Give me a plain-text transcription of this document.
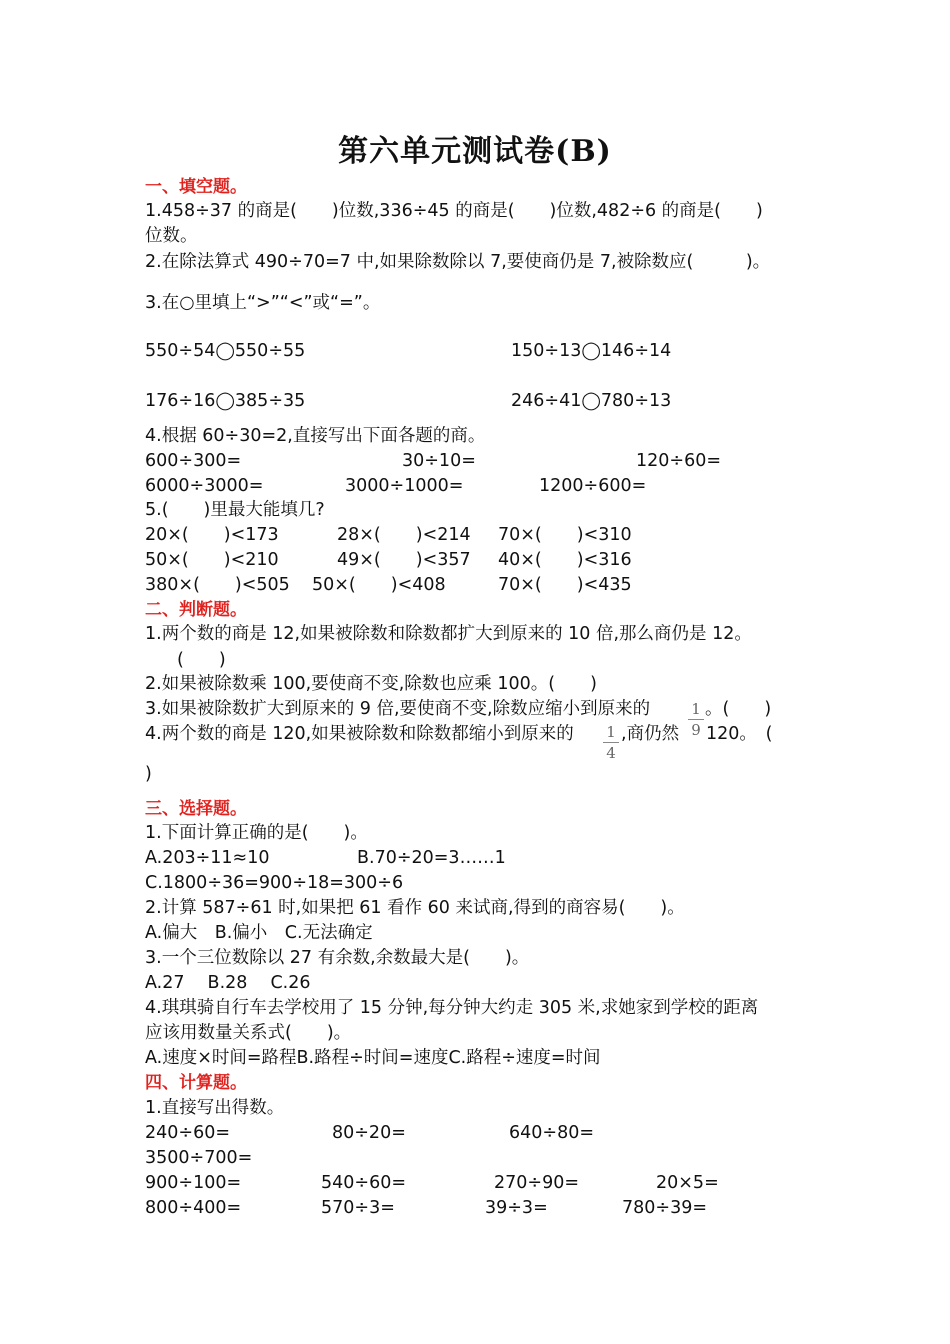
第六单元测试卷(B)
一、填空题。
1.458÷37 的商是(　　)位数,336÷45 的商是(　　)位数,482÷6 的商是(　　)
位数。
2.在除法算式 490÷70=7 中,如果除数除以 7,要使商仍是 7,被除数应(　　　)。
3.在○里填上“>”“<”或“=”。
550÷54◯550÷55	150÷13◯146÷14
176÷16◯385÷35	246÷41◯780÷13
4.根据 60÷30=2,直接写出下面各题的商。
600÷300=	30÷10=	120÷60=
6000÷3000=	3000÷1000=	1200÷600=
5.(　　)里最大能填几?
20×(　　)<173	28×(　　)<214 70×(　　)<310
50×(　　)<210	49×(　　)<357 40×(　　)<316
380×(　　)<505 50×(　　)<408	70×(　　)<435
二、判断题。
1.两个数的商是 12,如果被除数和除数都扩大到原来的 10 倍,那么商仍是 12。
(　　)
2.如果被除数乘 100,要使商不变,除数也应乘 100。(　　)
3.如果被除数扩大到原来的 9 倍,要使商不变,除数应缩小到原来的	1
9
。(　　)
4.两个数的商是 120,如果被除数和除数都缩小到原来的 1
4
,商仍然 120。　(
)
三、选择题。
1.下面计算正确的是(　　)。
A.203÷11≈10	B.70÷20=3……1
C.1800÷36=900÷18=300÷6
2.计算 587÷61 时,如果把 61 看作 60 来试商,得到的商容易(　　)。
A.偏大　B.偏小　C.无法确定
3.一个三位数除以 27 有余数,余数最大是(　　)。
A.27　 B.28　 C.26
4.琪琪骑自行车去学校用了 15 分钟,每分钟大约走 305 米,求她家到学校的距离
应该用数量关系式(　　)。
A.速度×时间=路程B.路程÷时间=速度C.路程÷速度=时间
四、计算题。
1.直接写出得数。
240÷60=	80÷20=	640÷80=
3500÷700=
900÷100=	540÷60=	270÷90=	20×5=
800÷400=	570÷3=	39÷3=	780÷39=
